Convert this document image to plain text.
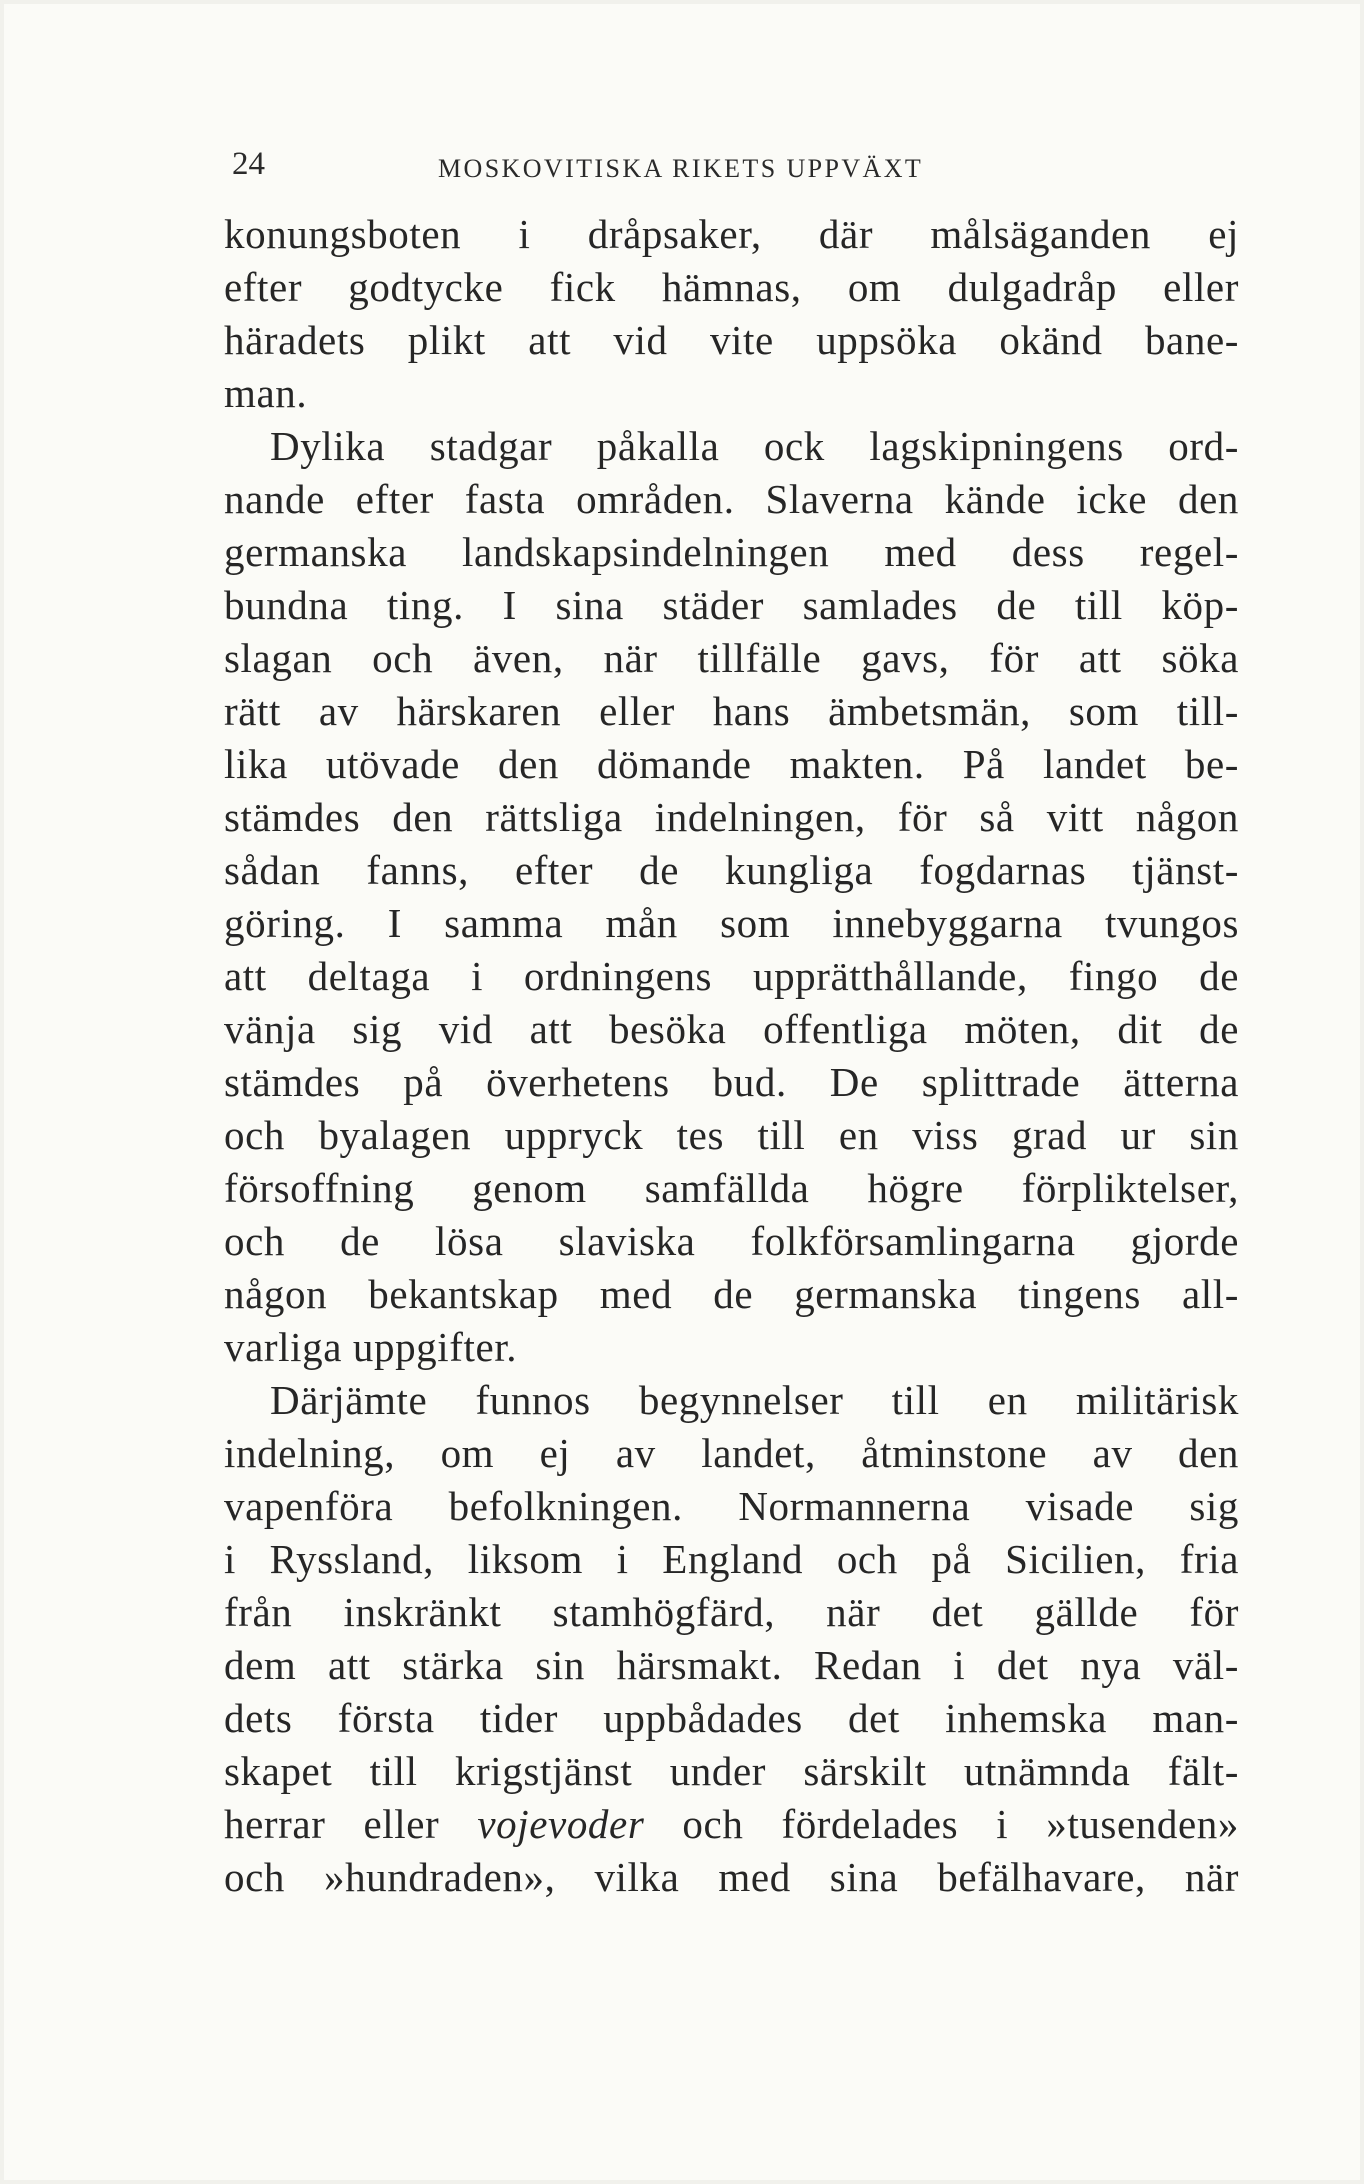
24	MOSKOVITISKA RIKETS UPPVÄXT
konungsboten i dråpsaker, där målsäganden ej
efter godtycke fick hämnas, om dulgadråp eller
häradets plikt att vid vite uppsöka okänd bane-
man.
Dylika stadgar påkalla ock lagskipningens ord-
nande efter fasta områden. Slaverna kände icke den
germanska landskapsindelningen med dess regel-
bundna ting. I sina städer samlades de till köp-
slagan och även, när tillfälle gavs, för att söka
rätt av härskaren eller hans ämbetsmän, som till-
lika utövade den dömande makten. På landet be-
stämdes den rättsliga indelningen, för så vitt någon
sådan fanns, efter de kungliga fogdarnas tjänst-
göring. I samma mån som innebyggarna tvungos
att deltaga i ordningens upprätthållande, fingo de
vänja sig vid att besöka offentliga möten, dit de
stämdes på överhetens bud. De splittrade ätterna
och byalagen uppryck tes till en viss grad ur sin
försoffning genom samfällda högre förpliktelser,
och de lösa slaviska folkförsamlingarna gjorde
någon bekantskap med de germanska tingens all-
varliga uppgifter.
Därjämte funnos begynnelser till en militärisk
indelning, om ej av landet, åtminstone av den
vapenföra befolkningen. Normannerna visade sig
i Ryssland, liksom i England och på Sicilien, fria
från inskränkt stamhögfärd, när det gällde för
dem att stärka sin härsmakt. Redan i det nya väl-
dets första tider uppbådades det inhemska man-
skapet till krigstjänst under särskilt utnämnda fält-
herrar eller vojevoder och fördelades i »tusenden»
och »hundraden», vilka med sina befälhavare, när
